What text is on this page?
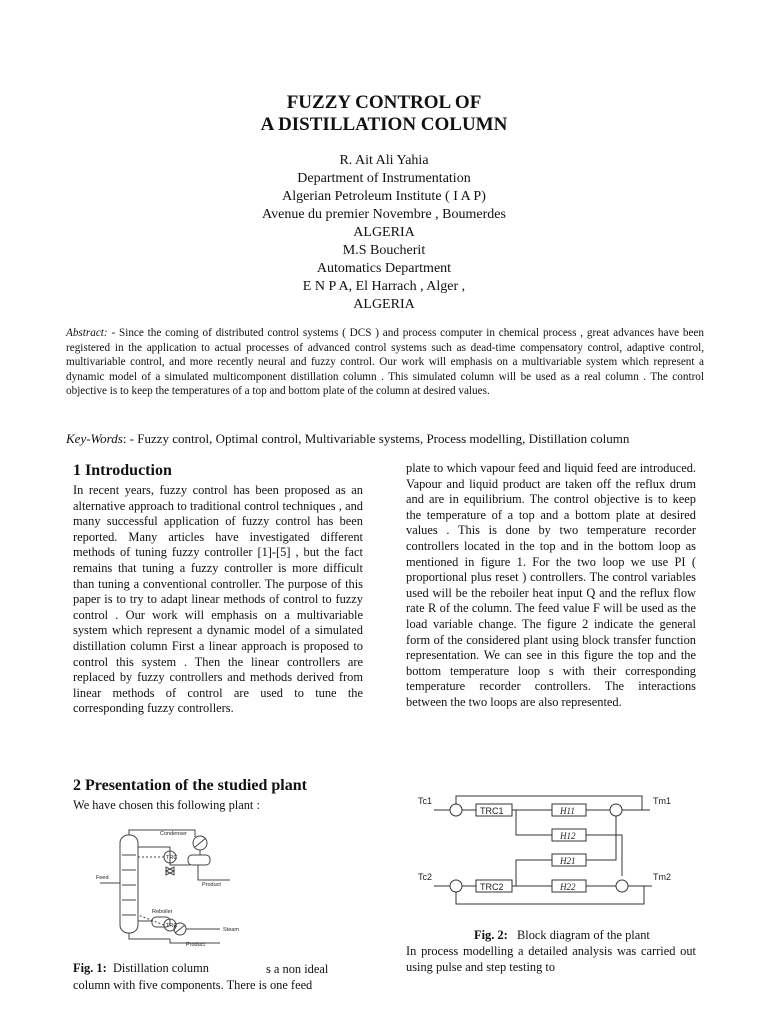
FUZZY CONTROL OF
A DISTILLATION COLUMN
R. Ait Ali Yahia
Department of Instrumentation
Algerian Petroleum Institute ( I A P)
Avenue du premier Novembre , Boumerdes
ALGERIA
M.S Boucherit
Automatics Department
E N P A, El Harrach , Alger ,
ALGERIA
Abstract: - Since the coming of distributed control systems ( DCS ) and process computer in chemical process , great advances have been registered in the application to actual processes of advanced control systems such as dead-time compensatory control, adaptive control, multivariable control, and more recently neural and fuzzy control. Our work will emphasis on a multivariable system which represent a dynamic model of a simulated multicomponent distillation column . This simulated column will be used as a real column . The control objective is to keep the temperatures of a top and bottom plate of the column at desired values.
Key-Words: - Fuzzy control, Optimal control, Multivariable systems, Process modelling, Distillation column
1 Introduction
In recent years, fuzzy control has been proposed as an alternative approach to traditional control techniques , and many successful application of fuzzy control has been reported. Many articles have investigated different methods of tuning fuzzy controller [1]-[5] , but the fact remains that tuning a fuzzy controller is more difficult than tuning a conventional controller. The purpose of this paper is to try to adapt linear methods of control to fuzzy control . Our work will emphasis on a multivariable system which represent a dynamic model of a simulated distillation column First a linear approach is proposed to control this system . Then the linear controllers are replaced by fuzzy controllers and methods derived from linear methods of control are used to tune the corresponding fuzzy controllers.
2 Presentation of the studied plant
We have chosen this following plant :
Condenser
TRC
Feed
Product
TRC
Reboiler
Steam
Product
Fig. 1: Distillation column	s a non ideal
column with five components. There is one feed
plate to which vapour feed and liquid feed are introduced. Vapour and liquid product are taken off the reflux drum and are in equilibrium. The control objective is to keep the temperature of a top and a bottom plate at desired values . This is done by two temperature recorder controllers located in the top and in the bottom loop as mentioned in figure 1. For the two loop we use PI ( proportional plus reset ) controllers. The control variables used will be the reboiler heat input Q and the reflux flow rate R of the column. The feed value F will be used as the load variable change. The figure 2 indicate the general form of the considered plant using block transfer function representation. We can see in this figure the top and the bottom temperature loop s with their corresponding temperature recorder controllers. The interactions between the two loops are also represented.
Tc1
Tc2
TRC1
TRC2
Tm1
Tm2
H11
H12
H21
H22
Fig. 2: Block diagram of the plant
In process modelling a detailed analysis was carried out using pulse and step testing to
